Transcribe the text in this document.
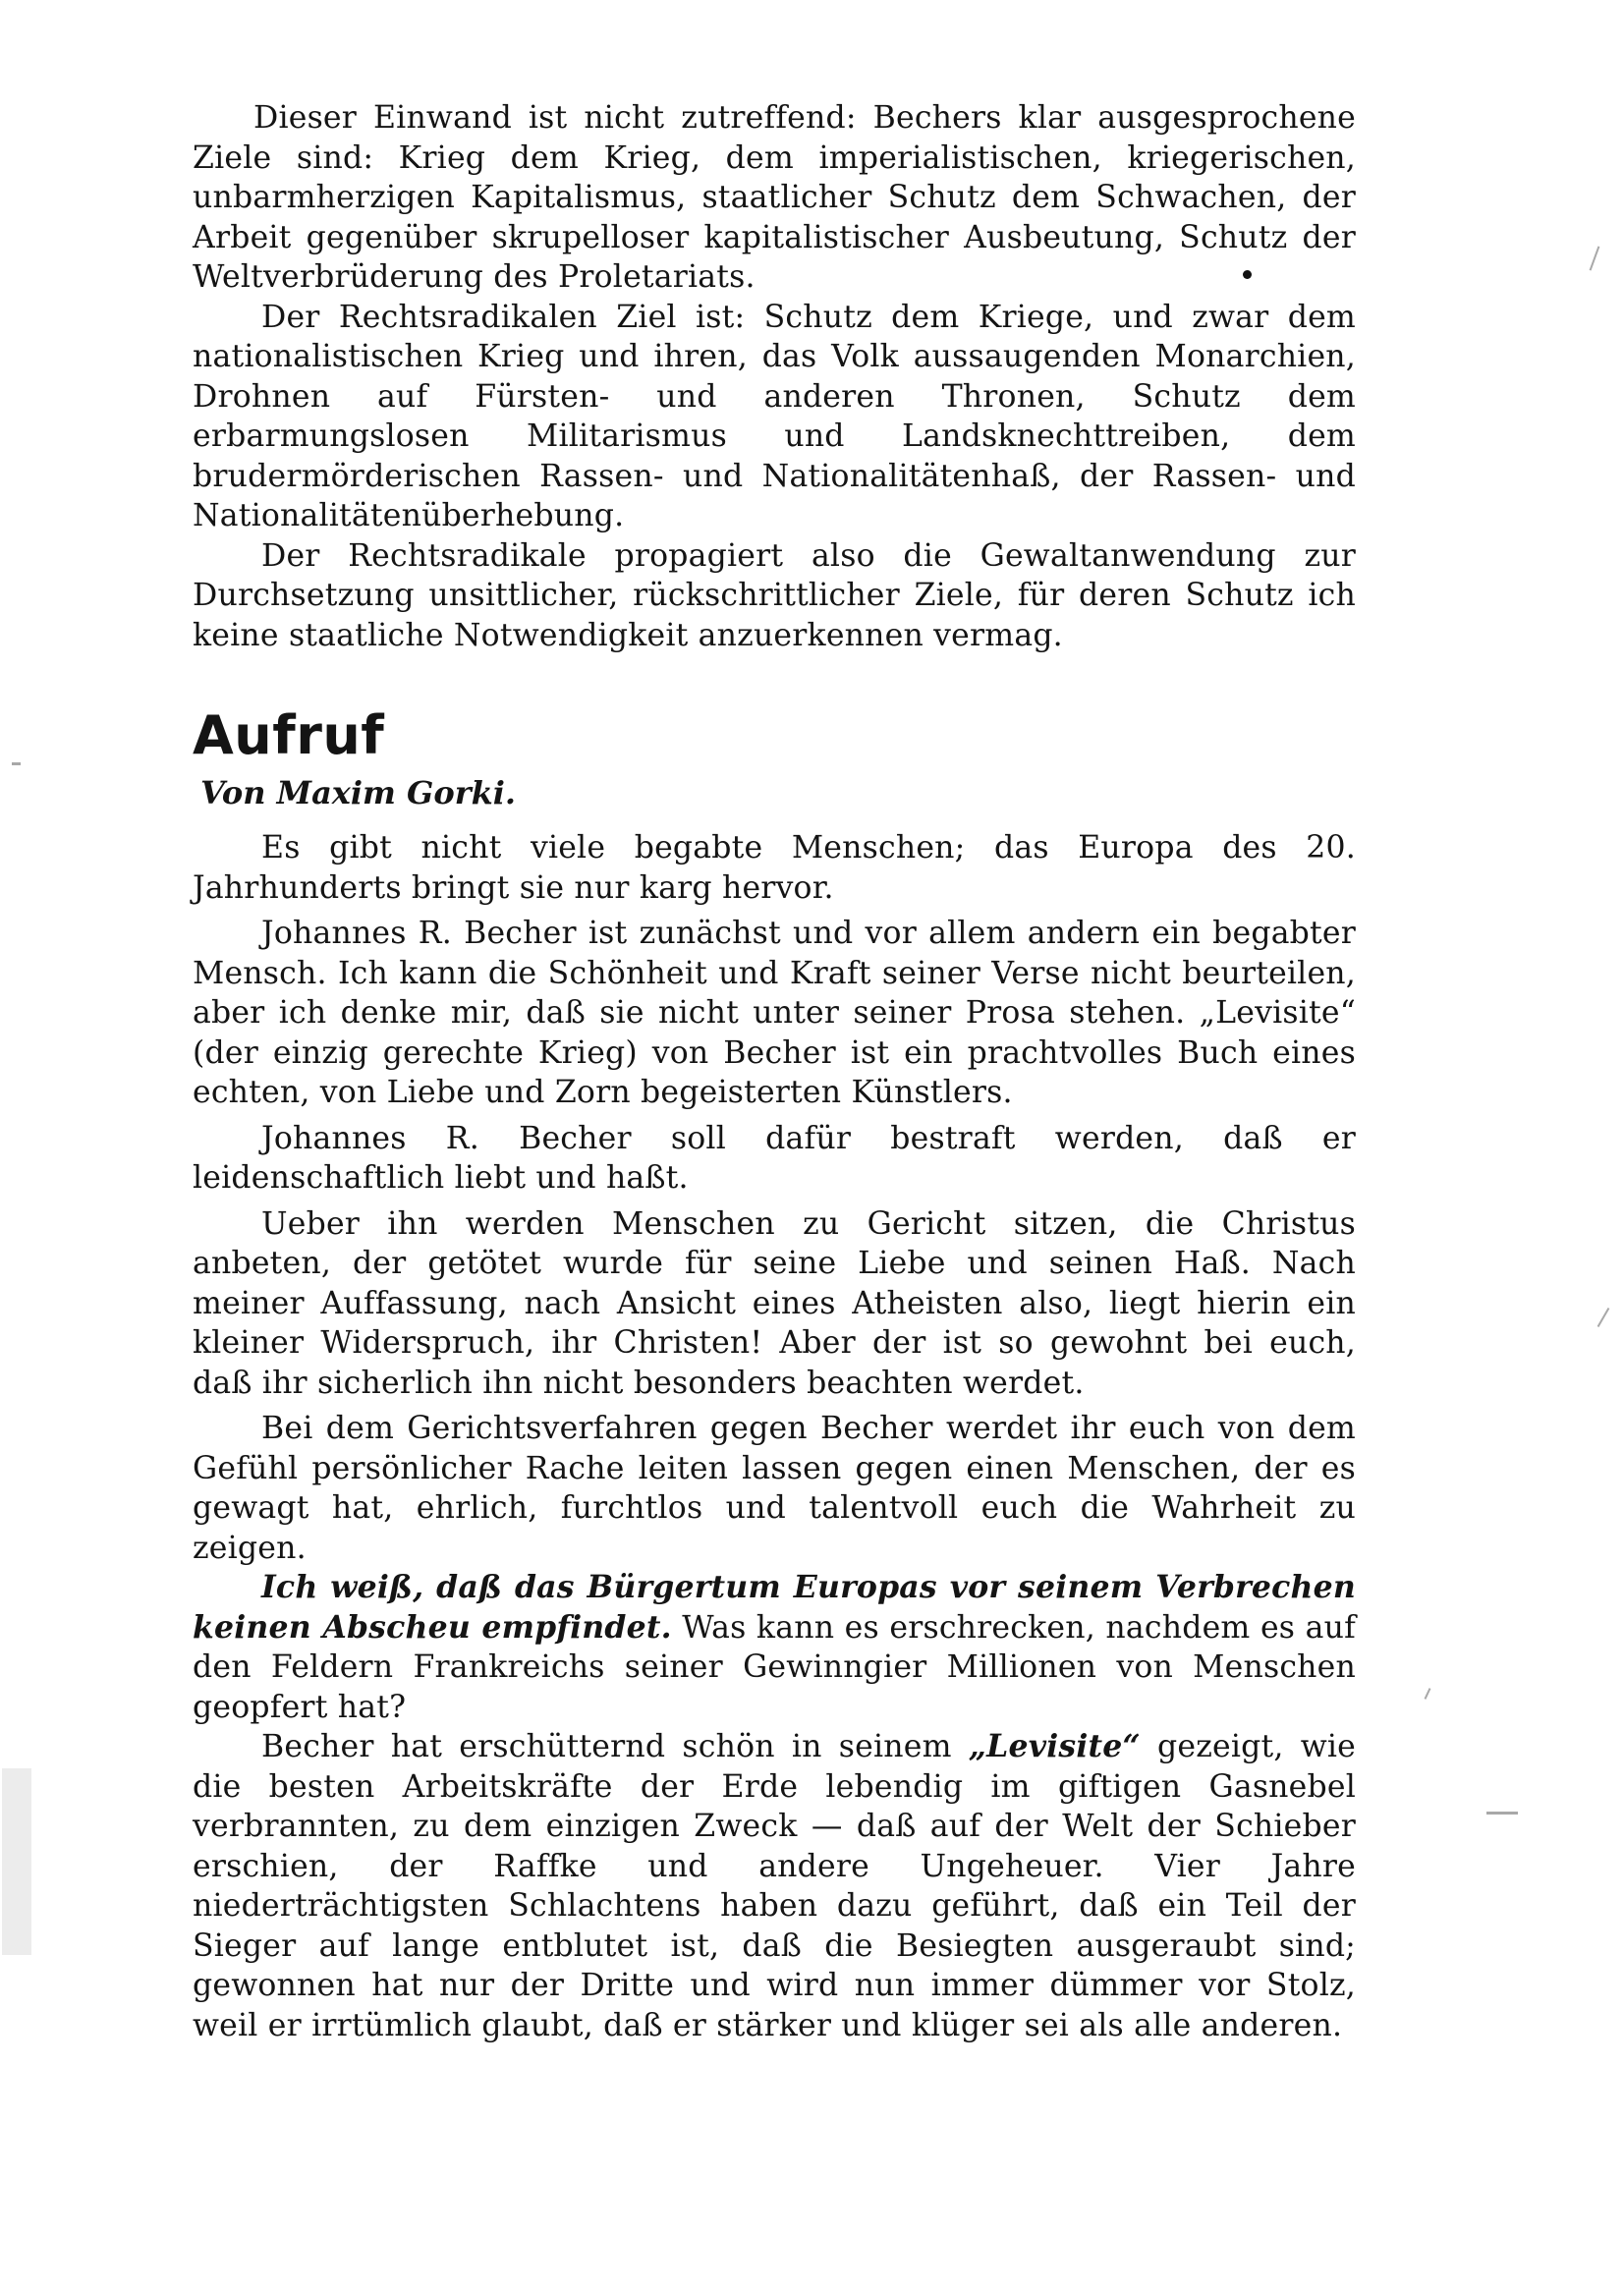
Dieser Einwand ist nicht zutreffend: Bechers klar ausgesprochene Ziele sind: Krieg dem Krieg, dem imperialistischen, kriegerischen, unbarmherzigen Kapitalismus, staatlicher Schutz dem Schwachen, der Arbeit gegenüber skrupelloser kapitalistischer Ausbeutung, Schutz der Weltverbrüderung des Proletariats.

Der Rechtsradikalen Ziel ist: Schutz dem Kriege, und zwar dem nationalistischen Krieg und ihren, das Volk aussaugenden Monarchien, Drohnen auf Fürsten- und anderen Thronen, Schutz dem erbarmungslosen Militarismus und Landsknechttreiben, dem brudermörderischen Rassen- und Nationalitätenhaß, der Rassen- und Nationalitätenüberhebung.

Der Rechtsradikale propagiert also die Gewaltanwendung zur Durchsetzung unsittlicher, rückschrittlicher Ziele, für deren Schutz ich keine staatliche Notwendigkeit anzuerkennen vermag.

Aufruf
Von Maxim Gorki.

Es gibt nicht viele begabte Menschen; das Europa des 20. Jahrhunderts bringt sie nur karg hervor.

Johannes R. Becher ist zunächst und vor allem andern ein begabter Mensch. Ich kann die Schönheit und Kraft seiner Verse nicht beurteilen, aber ich denke mir, daß sie nicht unter seiner Prosa stehen. „Levisite“ (der einzig gerechte Krieg) von Becher ist ein prachtvolles Buch eines echten, von Liebe und Zorn begeisterten Künstlers.

Johannes R. Becher soll dafür bestraft werden, daß er leidenschaftlich liebt und haßt.

Ueber ihn werden Menschen zu Gericht sitzen, die Christus anbeten, der getötet wurde für seine Liebe und seinen Haß. Nach meiner Auffassung, nach Ansicht eines Atheisten also, liegt hierin ein kleiner Widerspruch, ihr Christen! Aber der ist so gewohnt bei euch, daß ihr sicherlich ihn nicht besonders beachten werdet.

Bei dem Gerichtsverfahren gegen Becher werdet ihr euch von dem Gefühl persönlicher Rache leiten lassen gegen einen Menschen, der es gewagt hat, ehrlich, furchtlos und talentvoll euch die Wahrheit zu zeigen.

Ich weiß, daß das Bürgertum Europas vor seinem Verbrechen keinen Abscheu empfindet. Was kann es erschrecken, nachdem es auf den Feldern Frankreichs seiner Gewinngier Millionen von Menschen geopfert hat?

Becher hat erschütternd schön in seinem „Levisite“ gezeigt, wie die besten Arbeitskräfte der Erde lebendig im giftigen Gasnebel verbrannten, zu dem einzigen Zweck — daß auf der Welt der Schieber erschien, der Raffke und andere Ungeheuer. Vier Jahre niederträchtigsten Schlachtens haben dazu geführt, daß ein Teil der Sieger auf lange entblutet ist, daß die Besiegten ausgeraubt sind; gewonnen hat nur der Dritte und wird nun immer dümmer vor Stolz, weil er irrtümlich glaubt, daß er stärker und klüger sei als alle anderen.
